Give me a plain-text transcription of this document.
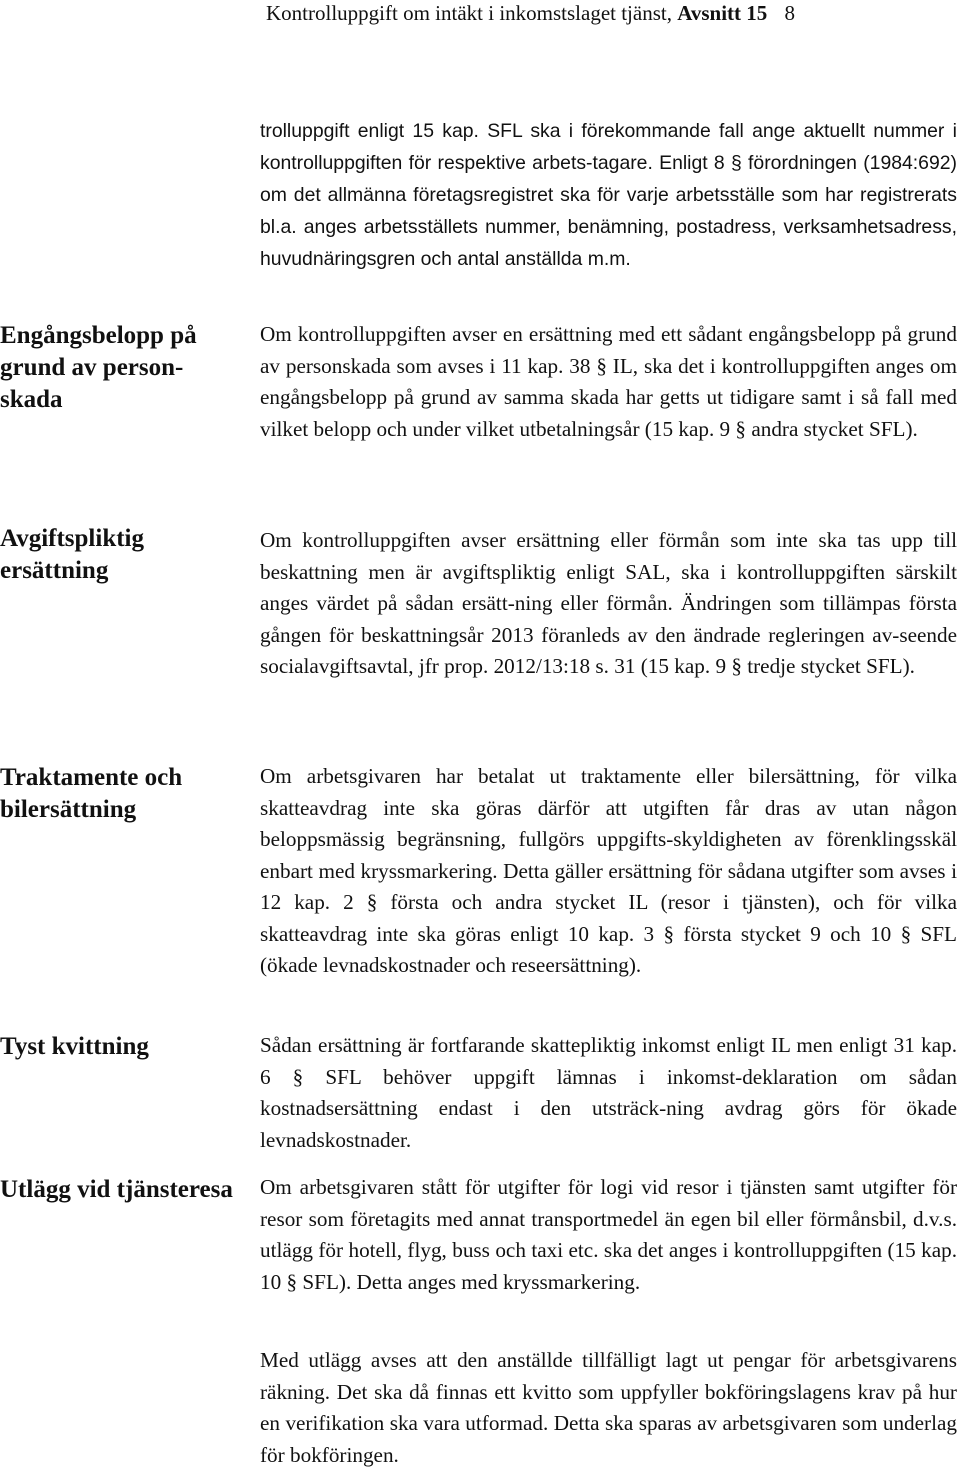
Kontrolluppgift om intäkt i inkomstslaget tjänst, Avsnitt 15 8
Engångsbelopp på grund av person-skada
Avgiftspliktig ersättning
Traktamente och bilersättning
Tyst kvittning
Utlägg vid tjänsteresa
trolluppgift enligt 15 kap. SFL ska i förekommande fall ange aktuellt nummer i kontrolluppgiften för respektive arbets-tagare. Enligt 8 § förordningen (1984:692) om det allmänna företagsregistret ska för varje arbetsställe som har registrerats bl.a. anges arbetsställets nummer, benämning, postadress, verksamhetsadress, huvudnäringsgren och antal anställda m.m.
Om kontrolluppgiften avser en ersättning med ett sådant engångsbelopp på grund av personskada som avses i 11 kap. 38 § IL, ska det i kontrolluppgiften anges om engångsbelopp på grund av samma skada har getts ut tidigare samt i så fall med vilket belopp och under vilket utbetalningsår (15 kap. 9 § andra stycket SFL).
Om kontrolluppgiften avser ersättning eller förmån som inte ska tas upp till beskattning men är avgiftspliktig enligt SAL, ska i kontrolluppgiften särskilt anges värdet på sådan ersätt-ning eller förmån. Ändringen som tillämpas första gången för beskattningsår 2013 föranleds av den ändrade regleringen av-seende socialavgiftsavtal, jfr prop. 2012/13:18 s. 31 (15 kap. 9 § tredje stycket SFL).
Om arbetsgivaren har betalat ut traktamente eller bilersättning, för vilka skatteavdrag inte ska göras därför att utgiften får dras av utan någon beloppsmässig begränsning, fullgörs uppgifts-skyldigheten av förenklingsskäl enbart med kryssmarkering. Detta gäller ersättning för sådana utgifter som avses i 12 kap. 2 § första och andra stycket IL (resor i tjänsten), och för vilka skatteavdrag inte ska göras enligt 10 kap. 3 § första stycket 9 och 10 § SFL (ökade levnadskostnader och reseersättning).
Sådan ersättning är fortfarande skattepliktig inkomst enligt IL men enligt 31 kap. 6 § SFL behöver uppgift lämnas i inkomst-deklaration om sådan kostnadsersättning endast i den utsträck-ning avdrag görs för ökade levnadskostnader.
Om arbetsgivaren stått för utgifter för logi vid resor i tjänsten samt utgifter för resor som företagits med annat transportmedel än egen bil eller förmånsbil, d.v.s. utlägg för hotell, flyg, buss och taxi etc. ska det anges i kontrolluppgiften (15 kap. 10 § SFL). Detta anges med kryssmarkering.
Med utlägg avses att den anställde tillfälligt lagt ut pengar för arbetsgivarens räkning. Det ska då finnas ett kvitto som uppfyller bokföringslagens krav på hur en verifikation ska vara utformad. Detta ska sparas av arbetsgivaren som underlag för bokföringen.
